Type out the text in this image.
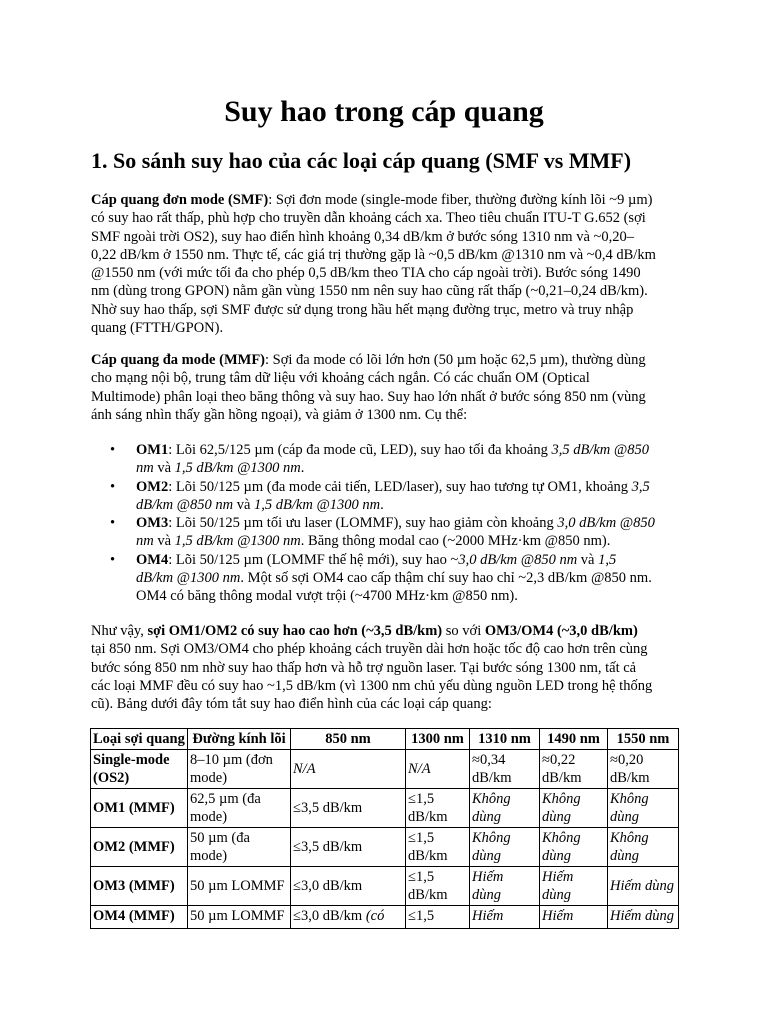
Suy hao trong cáp quang
1. So sánh suy hao của các loại cáp quang (SMF vs MMF)
Cáp quang đơn mode (SMF): Sợi đơn mode (single-mode fiber, thường đường kính lõi ~9 µm)
có suy hao rất thấp, phù hợp cho truyền dẫn khoảng cách xa. Theo tiêu chuẩn ITU-T G.652 (sợi
SMF ngoài trời OS2), suy hao điển hình khoảng 0,34 dB/km ở bước sóng 1310 nm và ~0,20–
0,22 dB/km ở 1550 nm. Thực tế, các giá trị thường gặp là ~0,5 dB/km @1310 nm và ~0,4 dB/km
@1550 nm (với mức tối đa cho phép 0,5 dB/km theo TIA cho cáp ngoài trời). Bước sóng 1490
nm (dùng trong GPON) nằm gần vùng 1550 nm nên suy hao cũng rất thấp (~0,21–0,24 dB/km).
Nhờ suy hao thấp, sợi SMF được sử dụng trong hầu hết mạng đường trục, metro và truy nhập
quang (FTTH/GPON).
Cáp quang đa mode (MMF): Sợi đa mode có lõi lớn hơn (50 µm hoặc 62,5 µm), thường dùng
cho mạng nội bộ, trung tâm dữ liệu với khoảng cách ngắn. Có các chuẩn OM (Optical
Multimode) phân loại theo băng thông và suy hao. Suy hao lớn nhất ở bước sóng 850 nm (vùng
ánh sáng nhìn thấy gần hồng ngoại), và giảm ở 1300 nm. Cụ thể:
• OM1: Lõi 62,5/125 µm (cáp đa mode cũ, LED), suy hao tối đa khoảng 3,5 dB/km @850
nm và 1,5 dB/km @1300 nm.
• OM2: Lõi 50/125 µm (đa mode cải tiến, LED/laser), suy hao tương tự OM1, khoảng 3,5
dB/km @850 nm và 1,5 dB/km @1300 nm.
• OM3: Lõi 50/125 µm tối ưu laser (LOMMF), suy hao giảm còn khoảng 3,0 dB/km @850
nm và 1,5 dB/km @1300 nm. Băng thông modal cao (~2000 MHz·km @850 nm).
• OM4: Lõi 50/125 µm (LOMMF thế hệ mới), suy hao ~3,0 dB/km @850 nm và 1,5
dB/km @1300 nm. Một số sợi OM4 cao cấp thậm chí suy hao chỉ ~2,3 dB/km @850 nm.
OM4 có băng thông modal vượt trội (~4700 MHz·km @850 nm).
Như vậy, sợi OM1/OM2 có suy hao cao hơn (~3,5 dB/km) so với OM3/OM4 (~3,0 dB/km)
tại 850 nm. Sợi OM3/OM4 cho phép khoảng cách truyền dài hơn hoặc tốc độ cao hơn trên cùng
bước sóng 850 nm nhờ suy hao thấp hơn và hỗ trợ nguồn laser. Tại bước sóng 1300 nm, tất cả
các loại MMF đều có suy hao ~1,5 dB/km (vì 1300 nm chủ yếu dùng nguồn LED trong hệ thống
cũ). Bảng dưới đây tóm tắt suy hao điển hình của các loại cáp quang:
Loại sợi quang	Đường kính lõi	850 nm	1300 nm	1310 nm	1490 nm	1550 nm
Single-mode
(OS2)	8–10 µm (đơn
mode)	N/A	N/A	≈0,34
dB/km	≈0,22
dB/km	≈0,20
dB/km
OM1 (MMF)	62,5 µm (đa
mode)	≤3,5 dB/km	≤1,5
dB/km	Không
dùng	Không
dùng	Không
dùng
OM2 (MMF)	50 µm (đa
mode)	≤3,5 dB/km	≤1,5
dB/km	Không
dùng	Không
dùng	Không
dùng
OM3 (MMF)	50 µm LOMMF	≤3,0 dB/km	≤1,5
dB/km	Hiếm
dùng	Hiếm
dùng	Hiếm dùng
OM4 (MMF)	50 µm LOMMF	≤3,0 dB/km (có	≤1,5	Hiếm	Hiếm	Hiếm dùng
